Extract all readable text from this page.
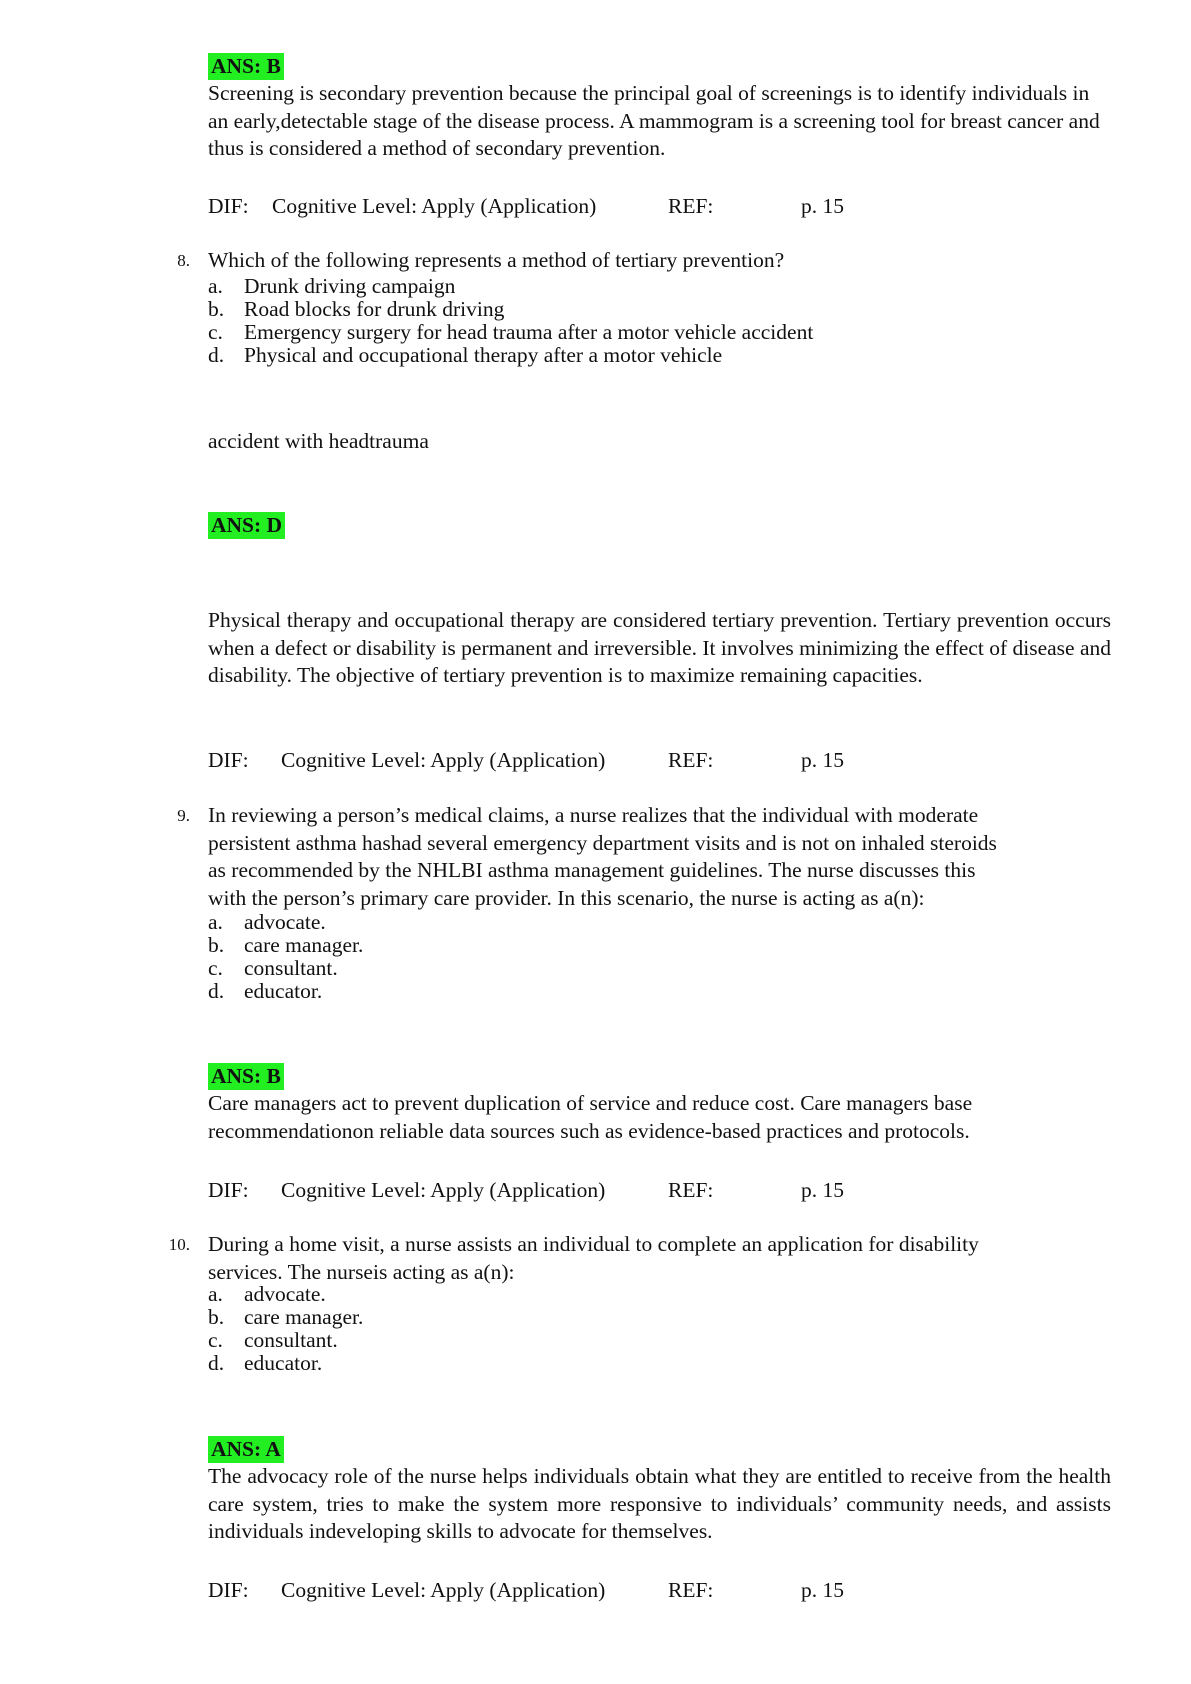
ANS: B

Screening is secondary prevention because the principal goal of screenings is to identify individuals in an early,detectable stage of the disease process. A mammogram is a screening tool for breast cancer and thus is considered a method of secondary prevention.

DIF: Cognitive Level: Apply (Application)	REF:	p. 15
8. Which of the following represents a method of tertiary prevention?
a. Drunk driving campaign
b. Road blocks for drunk driving
c. Emergency surgery for head trauma after a motor vehicle accident
d. Physical and occupational therapy after a motor vehicle
accident with headtrauma
ANS: D

Physical therapy and occupational therapy are considered tertiary prevention. Tertiary prevention occurs when a defect or disability is permanent and irreversible. It involves minimizing the effect of disease and disability. The objective of tertiary prevention is to maximize remaining capacities.

DIF: Cognitive Level: Apply (Application)	REF:	p. 15
9. In reviewing a person’s medical claims, a nurse realizes that the individual with moderate
persistent asthma hashad several emergency department visits and is not on inhaled steroids
as recommended by the NHLBI asthma management guidelines. The nurse discusses this
with the person’s primary care provider. In this scenario, the nurse is acting as a(n):
a. advocate.
b. care manager.
c. consultant.
d. educator.
ANS: B

Care managers act to prevent duplication of service and reduce cost. Care managers base recommendationon reliable data sources such as evidence-based practices and protocols.

DIF: Cognitive Level: Apply (Application)	REF:	p. 15
10. During a home visit, a nurse assists an individual to complete an application for disability
services. The nurseis acting as a(n):
a. advocate.
b. care manager.
c. consultant.
d. educator.
ANS: A

The advocacy role of the nurse helps individuals obtain what they are entitled to receive from the health care system, tries to make the system more responsive to individuals’ community needs, and assists individuals indeveloping skills to advocate for themselves.

DIF: Cognitive Level: Apply (Application)	REF:	p. 15
